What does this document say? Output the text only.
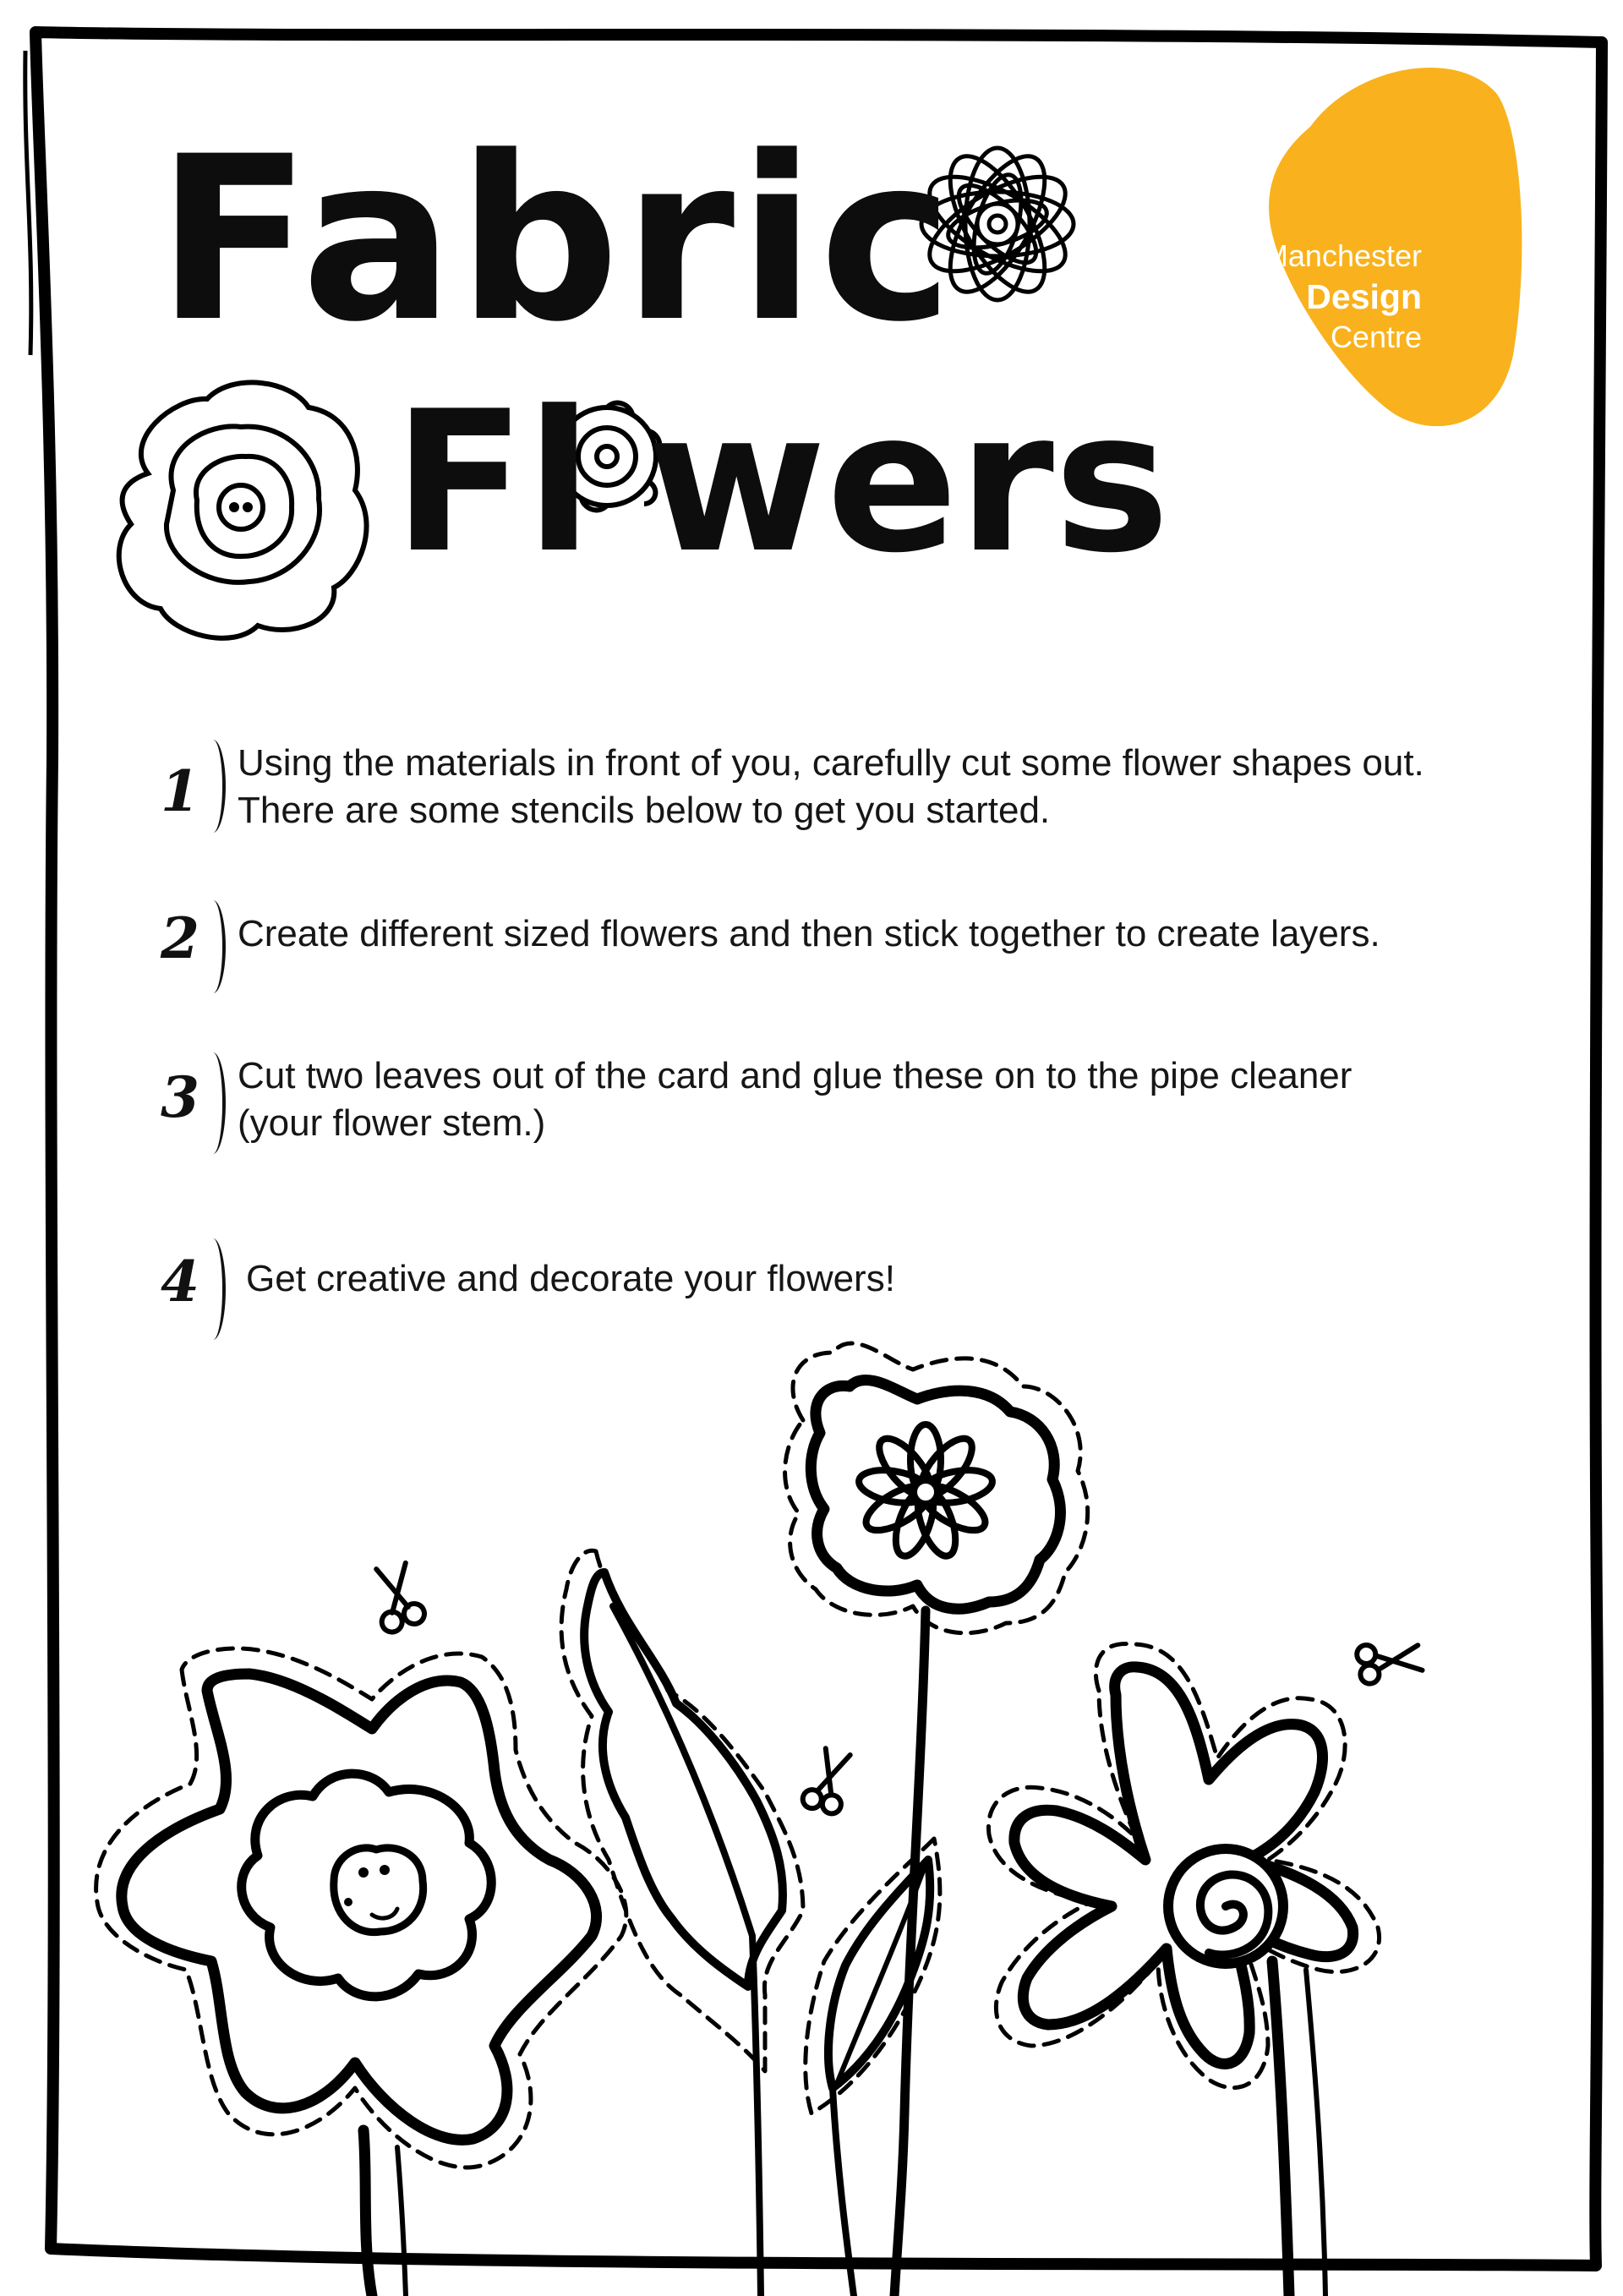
Fabric
Fl wers
Manchester
Craft & Design
Centre
1 Using the materials in front of you, carefully cut some flower shapes out.
There are some stencils below to get you started.
2 Create different sized flowers and then stick together to create layers.
3 Cut two leaves out of the card and glue these on to the pipe cleaner
(your flower stem.)
4 Get creative and decorate your flowers!
